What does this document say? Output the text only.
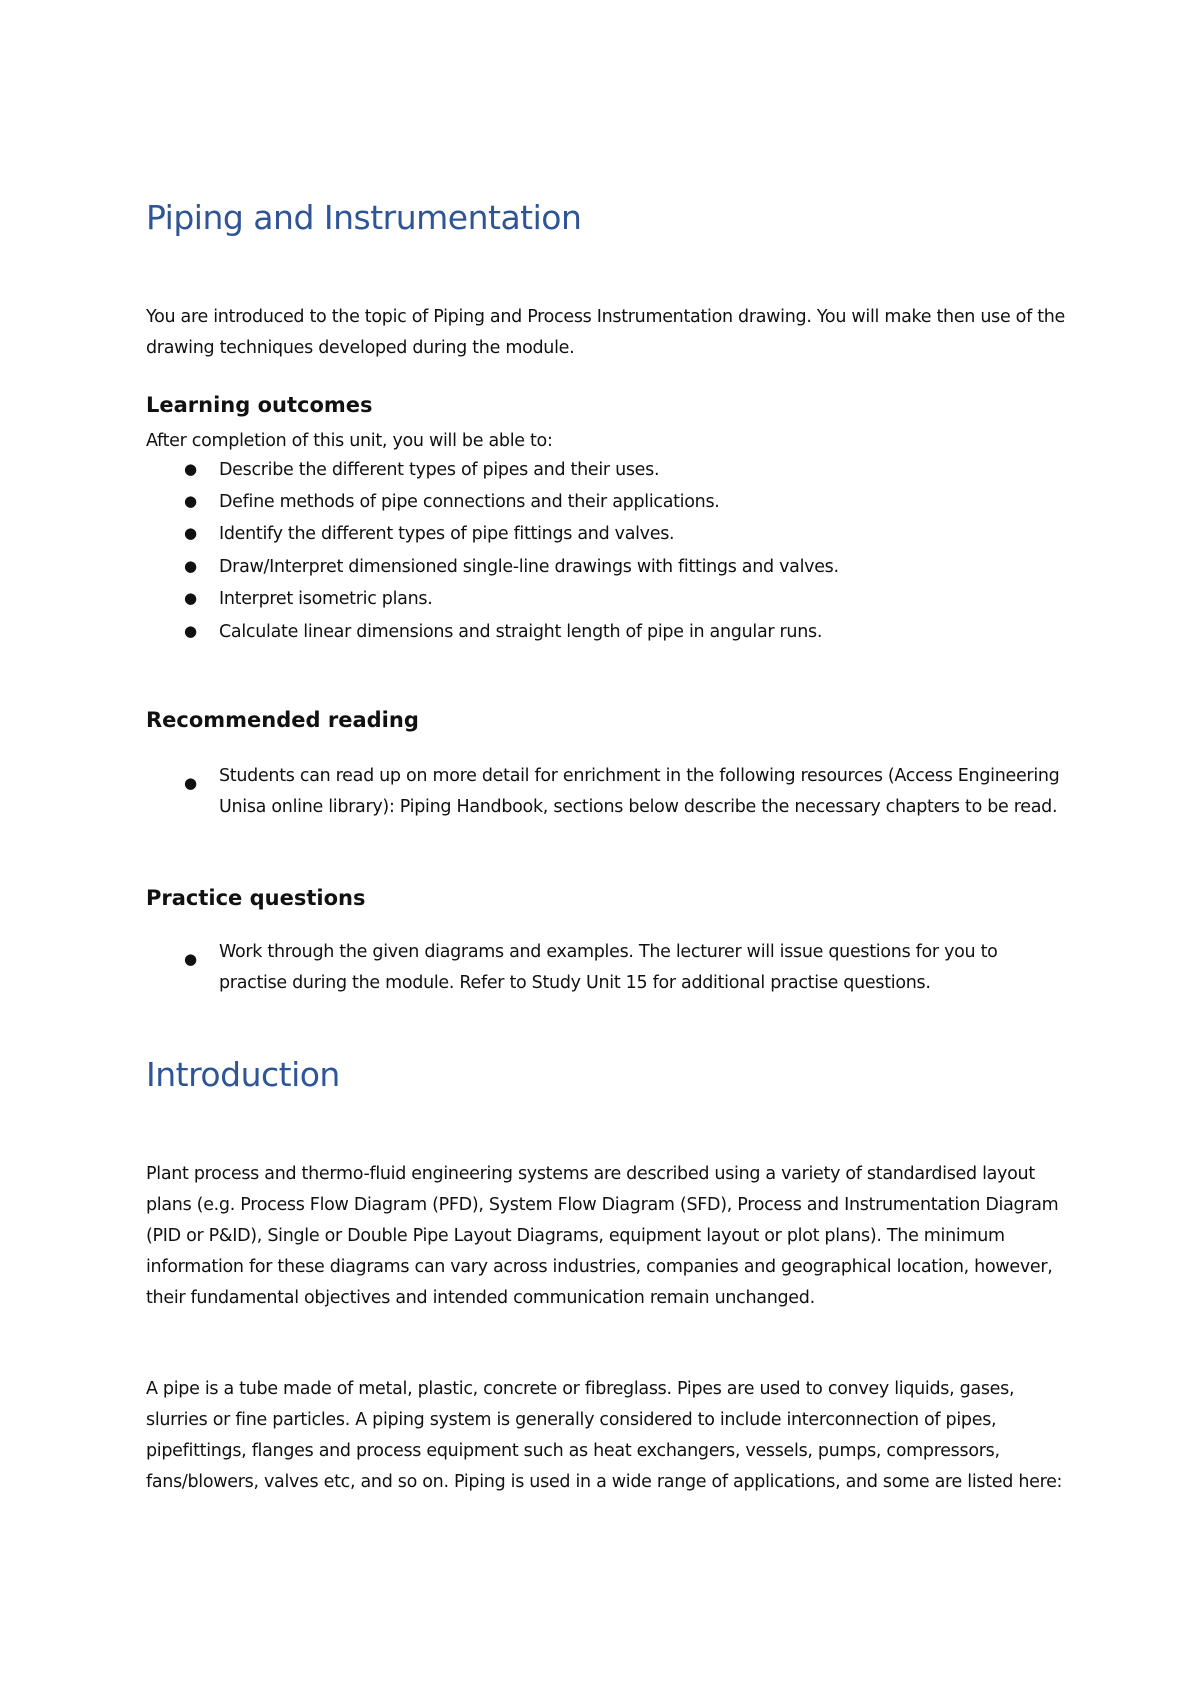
Piping and Instrumentation

You are introduced to the topic of Piping and Process Instrumentation drawing. You will make then use of the drawing techniques developed during the module.

Learning outcomes

After completion of this unit, you will be able to:

● Describe the different types of pipes and their uses.
● Define methods of pipe connections and their applications.
● Identify the different types of pipe fittings and valves.
● Draw/Interpret dimensioned single-line drawings with fittings and valves.
● Interpret isometric plans.
● Calculate linear dimensions and straight length of pipe in angular runs.
Recommended reading
● Students can read up on more detail for enrichment in the following resources (Access Engineering Unisa online library): Piping Handbook, sections below describe the necessary chapters to be read.
Practice questions
● Work through the given diagrams and examples. The lecturer will issue questions for you to practise during the module. Refer to Study Unit 15 for additional practise questions.
Introduction

Plant process and thermo-fluid engineering systems are described using a variety of standardised layout plans (e.g. Process Flow Diagram (PFD), System Flow Diagram (SFD), Process and Instrumentation Diagram (PID or P&ID), Single or Double Pipe Layout Diagrams, equipment layout or plot plans). The minimum information for these diagrams can vary across industries, companies and geographical location, however, their fundamental objectives and intended communication remain unchanged.

A pipe is a tube made of metal, plastic, concrete or fibreglass. Pipes are used to convey liquids, gases, slurries or fine particles. A piping system is generally considered to include interconnection of pipes, pipefittings, flanges and process equipment such as heat exchangers, vessels, pumps, compressors, fans/blowers, valves etc, and so on. Piping is used in a wide range of applications, and some are listed here:
